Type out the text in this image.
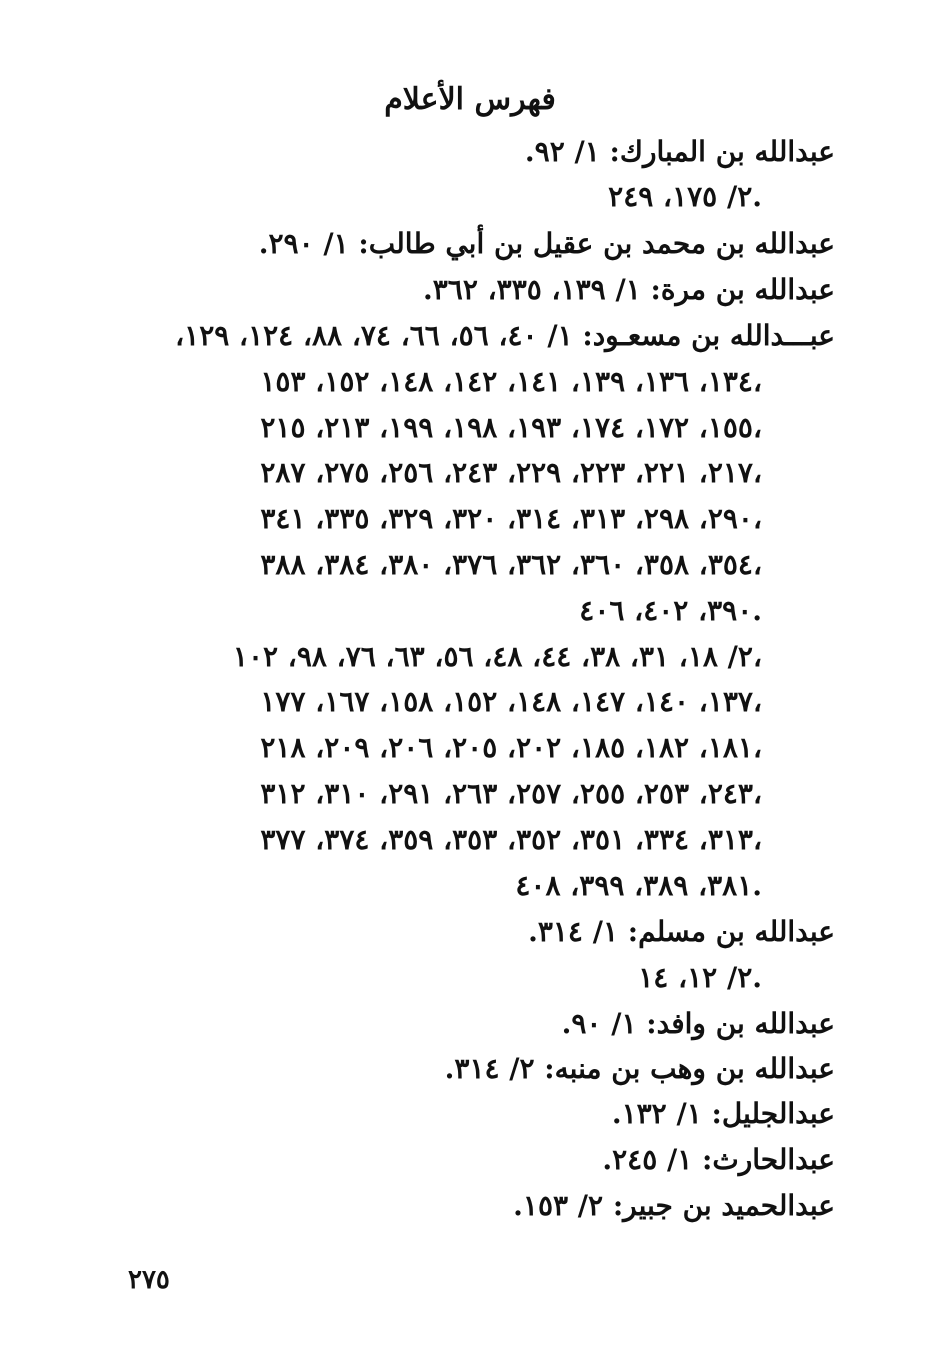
فهرس الأعلام
عبدالله بن المبارك: ١/ ٩٢.
٢/ ١٧٥، ٢٤٩.
عبدالله بن محمد بن عقيل بن أبي طالب: ١/ ٢٩٠.
عبدالله بن مرة: ١/ ١٣٩، ٣٣٥، ٣٦٢.
عبـــدالله بن مسعـود: ١/ ٤٠، ٥٦، ٦٦، ٧٤، ٨٨، ١٢٤، ١٢٩،
١٣٤، ١٣٦، ١٣٩، ١٤١، ١٤٢، ١٤٨، ١٥٢، ١٥٣،
١٥٥، ١٧٢، ١٧٤، ١٩٣، ١٩٨، ١٩٩، ٢١٣، ٢١٥،
٢١٧، ٢٢١، ٢٢٣، ٢٢٩، ٢٤٣، ٢٥٦، ٢٧٥، ٢٨٧،
٢٩٠، ٢٩٨، ٣١٣، ٣١٤، ٣٢٠، ٣٢٩، ٣٣٥، ٣٤١،
٣٥٤، ٣٥٨، ٣٦٠، ٣٦٢، ٣٧٦، ٣٨٠، ٣٨٤، ٣٨٨،
٣٩٠، ٤٠٢، ٤٠٦.
٢/ ١٨، ٣١، ٣٨، ٤٤، ٤٨، ٥٦، ٦٣، ٧٦، ٩٨، ١٠٢،
١٣٧، ١٤٠، ١٤٧، ١٤٨، ١٥٢، ١٥٨، ١٦٧، ١٧٧،
١٨١، ١٨٢، ١٨٥، ٢٠٢، ٢٠٥، ٢٠٦، ٢٠٩، ٢١٨،
٢٤٣، ٢٥٣، ٢٥٥، ٢٥٧، ٢٦٣، ٢٩١، ٣١٠، ٣١٢،
٣١٣، ٣٣٤، ٣٥١، ٣٥٢، ٣٥٣، ٣٥٩، ٣٧٤، ٣٧٧،
٣٨١، ٣٨٩، ٣٩٩، ٤٠٨.
عبدالله بن مسلم: ١/ ٣١٤.
٢/ ١٢، ١٤.
عبدالله بن وافد: ١/ ٩٠.
عبدالله بن وهب بن منبه: ٢/ ٣١٤.
عبدالجليل: ١/ ١٣٢.
عبدالحارث: ١/ ٢٤٥.
عبدالحميد بن جبير: ٢/ ١٥٣.
٢٧٥
